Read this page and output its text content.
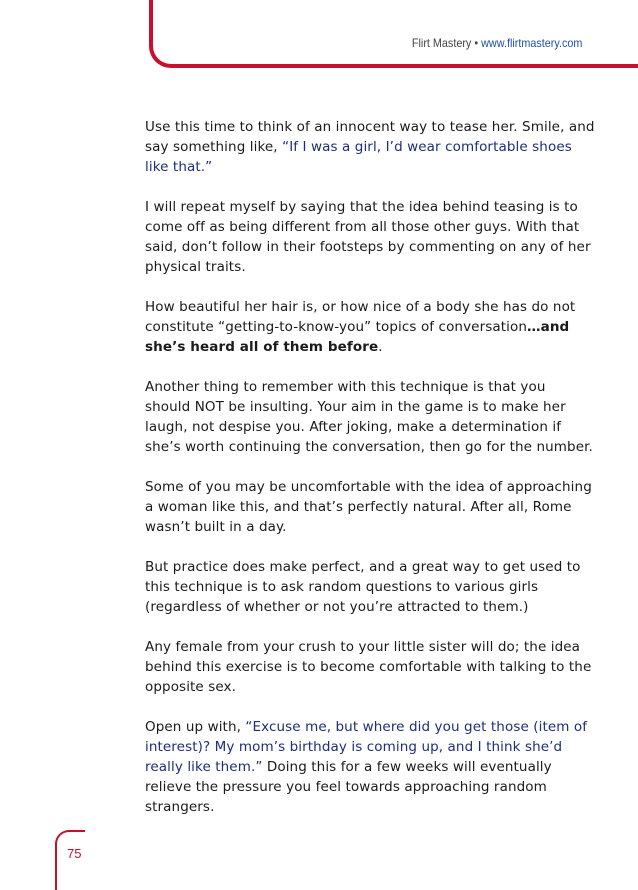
Flirt Mastery • www.flirtmastery.com

Use this time to think of an innocent way to tease her. Smile, and say something like, “If I was a girl, I’d wear comfortable shoes like that.”

I will repeat myself by saying that the idea behind teasing is to come off as being different from all those other guys. With that said, don’t follow in their footsteps by commenting on any of her physical traits.

How beautiful her hair is, or how nice of a body she has do not constitute “getting-to-know-you” topics of conversation…and she’s heard all of them before.

Another thing to remember with this technique is that you should NOT be insulting. Your aim in the game is to make her laugh, not despise you. After joking, make a determination if she’s worth continuing the conversation, then go for the number.

Some of you may be uncomfortable with the idea of approaching a woman like this, and that’s perfectly natural. After all, Rome wasn’t built in a day.

But practice does make perfect, and a great way to get used to this technique is to ask random questions to various girls (regardless of whether or not you’re attracted to them.)

Any female from your crush to your little sister will do; the idea behind this exercise is to become comfortable with talking to the opposite sex.

Open up with, “Excuse me, but where did you get those (item of interest)? My mom’s birthday is coming up, and I think she’d really like them.” Doing this for a few weeks will eventually relieve the pressure you feel towards approaching random strangers.

75
